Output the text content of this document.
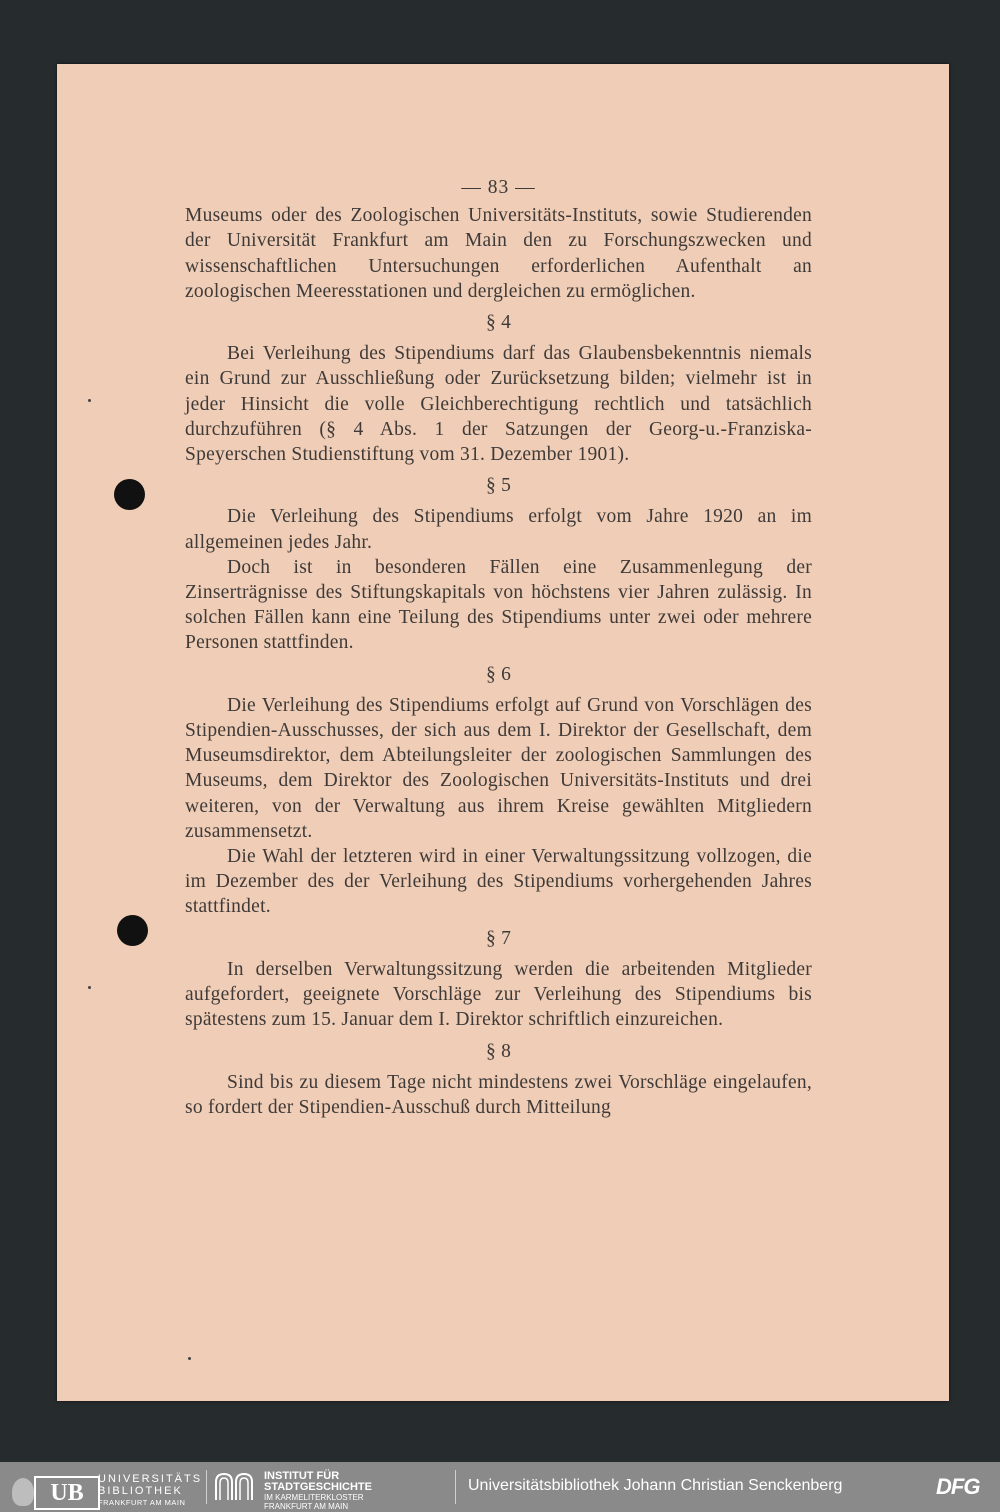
— 83 —

Museums oder des Zoologischen Universitäts-Instituts, sowie Studierenden der Universität Frankfurt am Main den zu Forschungszwecken und wissenschaftlichen Untersuchungen erforderlichen Aufenthalt an zoologischen Meeresstationen und dergleichen zu ermöglichen.

§ 4

Bei Verleihung des Stipendiums darf das Glaubensbekenntnis niemals ein Grund zur Ausschließung oder Zurücksetzung bilden; vielmehr ist in jeder Hinsicht die volle Gleichberechtigung rechtlich und tatsächlich durchzuführen (§ 4 Abs. 1 der Satzungen der Georg-u.-Franziska-Speyerschen Studienstiftung vom 31. Dezember 1901).

§ 5

Die Verleihung des Stipendiums erfolgt vom Jahre 1920 an im allgemeinen jedes Jahr.

Doch ist in besonderen Fällen eine Zusammenlegung der Zinserträgnisse des Stiftungskapitals von höchstens vier Jahren zulässig. In solchen Fällen kann eine Teilung des Stipendiums unter zwei oder mehrere Personen stattfinden.

§ 6

Die Verleihung des Stipendiums erfolgt auf Grund von Vorschlägen des Stipendien-Ausschusses, der sich aus dem I. Direktor der Gesellschaft, dem Museumsdirektor, dem Abteilungsleiter der zoologischen Sammlungen des Museums, dem Direktor des Zoologischen Universitäts-Instituts und drei weiteren, von der Verwaltung aus ihrem Kreise gewählten Mitgliedern zusammensetzt.

Die Wahl der letzteren wird in einer Verwaltungssitzung vollzogen, die im Dezember des der Verleihung des Stipendiums vorhergehenden Jahres stattfindet.

§ 7

In derselben Verwaltungssitzung werden die arbeitenden Mitglieder aufgefordert, geeignete Vorschläge zur Verleihung des Stipendiums bis spätestens zum 15. Januar dem I. Direktor schriftlich einzureichen.

§ 8

Sind bis zu diesem Tage nicht mindestens zwei Vorschläge eingelaufen, so fordert der Stipendien-Ausschuß durch Mitteilung

UB
UNIVERSITÄTS
BIBLIOTHEK
FRANKFURT AM MAIN
INSTITUT FÜR
STADTGESCHICHTE
IM KARMELITERKLOSTER
FRANKFURT AM MAIN
Universitätsbibliothek Johann Christian Senckenberg	DFG
